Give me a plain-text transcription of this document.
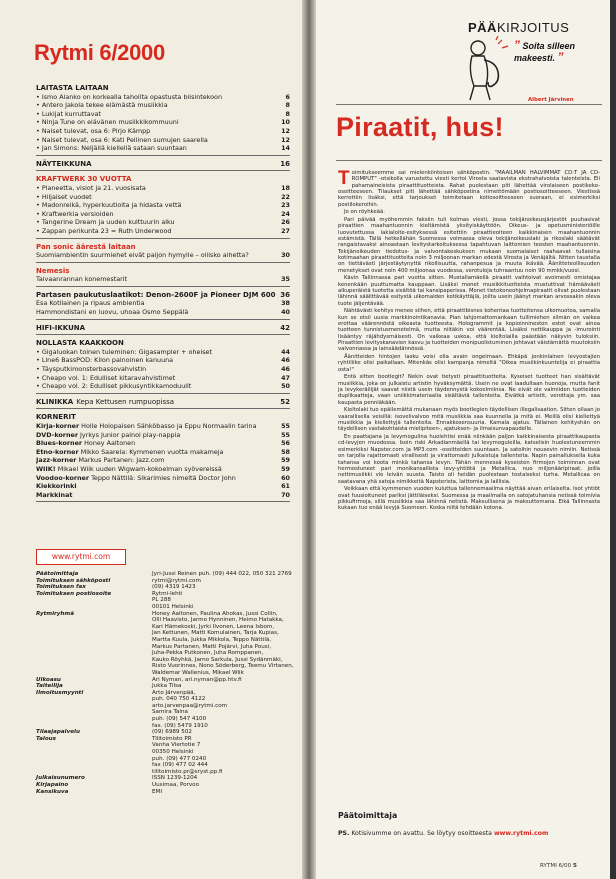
Rytmi 6/2000
LAITASTA LAITAAN
• Ismo Alanko on korkealla tahoilta opastusta biisintekoon	6
• Antero Jakola tekee elämästä musiikkia	8
• Lukijat kurruttavat	8
• Ninja Tune on elävänen musiikkikommuuni	10
• Naiset tulevat, osa 6: Pirjo Kämpp	12
• Naiset tulevat, osa 6: Kati Pellinen sumujen saarella	12
• Jan Simons: Neljällä kiellellä sataan suuntaan	14
NÄYTEIKKUNA	16
KRAFTWERK 30 VUOTTA
• Planeetta, visiot ja 21. vuosisata	18
• Hiljaiset vuodet	22
• Madonreikä, hyperkuutioita ja hidasta vettä	23
• Kraftwerkia versioiden	24
• Tangerine Dream ja uuden kulttuurin alku	26
• Zappan perikunta 23 = Ruth Underwood	27
Pan sonic äärestä laitaan
Suomiambientin suurmiehet eivät paljon hymyile – oliisko aihetta?	30
Nemesis
Taivaanrannan konemestarit	35
Partasen paukutuslaatikot: Denon-2600F ja Pioneer DJM 600 36
Esa Kotilainen ja ripaus ambientia	38
Hammondistani en luovu, uhoaa Osmo Seppälä	40
HIFI-IKKUNA	42
NOLLASTA KAAKKOON
• Gigaluokan toinen tuleminen: Gigasampler + oheiset	44
• Line6 BassPOD: Kilon painoinen kanuuna	46
• Täysputkimonsterbassovahvistin	46
• Cheapo vol. 1: Edulliset kitaravahvistimet	47
• Cheapo vol. 2: Edulliset pikkusyntikkamoduulit	50
KLINIKKA Kepa Kettusen rumpuopissa	52
KORNERIT
Kirja-korner Holle Holopaisen Sähköbasso ja Eppu Normaalin tarina	55
DVD-korner Jyrkys Junior painoi play-nappia	55
Blues-korner Honey Aaltonen	56
Etno-korner Mikko Saarela: Kymmenen vuotta makameja	58
Jazz-korner Markus Partanen: Jazz.com	59
WIIK! Mikael Wiik uuden Wigwam-kokoelman syövereissä	59
Voodoo-korner Teppo Nättilä: Sikarimies nimeltä Doctor John	60
Kiekkorinki	61
Markkinat	70
www.rytmi.com
Päätoimittaja	Jyri-Jussi Reinen puh. (09) 444 022, 050 321 2769
Toimituksen sähköposti	rytmi@rytmi.com
Toimituksen fax	(09) 4319 1423
Toimituksen postiosoite	Rytmi-lehti
PL 288
00101 Helsinki
Rytmiryhmä	Honey Aaltonen, Paulina Ahokas, Jussi Collin,
Olli Haavisto, Jarmo Hynninen, Heimo Hatakka,
Kari Hämekoski, Jyrki Ilvonen, Leena Isbom,
Jan Kettunen, Matti Komulainen, Tarja Kupias,
Martta Kuula, Jukka Mikkola, Teppo Nättilä,
Markus Partanen, Matti Pojärvi, Juha Pousi,
Juha-Pekka Putkonen, Juha Romppanen,
Kauko Röyhkä, Jarno Sarkula, Jussi Sydänmäki,
Risto Vuorinnes, Nono Söderberg, Teemu Virtanen,
Waldemar Wallenius, Mikael Wiik
Ulkoasu	Ari Nyman, ari.nyman@pp.htv.fi
Taiteilija	Jukka Tilsa
Ilmoitusmyynti	Arto Järvenpää,
puh. 040 750 4122
arto.jarvenpaa@rytmi.com
Samira Taina
puh. (09) 547 4100
fax. (09) 5479 1910
Tilaajapalvelu	(09) 6989 502
Talous	Tilitoimisto PR
Vanha Viertotie 7
00350 Helsinki
puh. (09) 477 0240
fax (09) 477 02 444
tilitoimisto.pr@sryst.pp.fi
Julkaisunumero	ISSN 1239-1204
Kirjapaino	Uusimaa, Porvoo
Kansikuva	EMI
PÄÄKIRJOITUS
” Soita silleen makeesti. ”
Albert Järvinen
Piraatit, hus!

Toimitukseemme sai mielenkiintoisen sähköpostin. "MAAILMAN HALVIMMAT CD:T JA CD-ROMPUT" -otsikolla varustettu viesti kertoi Virosta saatavista ekstrahalvoista talenteista. Eli pahamaineisista piraattituotteista. Rahat puolestaan piti lähettää virolaiseen postikeko-osoitteeseen. Tilaukset piti lähettää sähköpostina nimettömään postiosoitteeseen. Viestissä kerrottiin lisäksi, että tarjoukset toimitetaan kotiosoitteeseen suoraan, ei esimerkiksi postilokeroihin.

Jo on röyhkeää.

Pari päivää myöhemmin faksiin tuli kolmas viesti, jossa tekijänoikeusjärjestöt puuhasivat piraattien maahantuonnin kieltämistä yksityiskäyttöön. Oikeus- ja opetusministeriöille luovutettussa lakialoite-esityksessä esitettiin piraattieoiteen kaikkinaisen maahantuonnin estämistä. Tällä hetkellähän Suomessa voimassa oleva tekijänoikeuslaki ja rikoslaki säätävät rangaistavaksi ainoastaan levitystarkoituksessa tapahtuvan laittomien teosten maahantuonnin. Tekijänoikeuden tiedotus- ja valvontakeskuksen mukaan suomalaiset raahaavat tullaisina kotimaahan piraattituotteita noin 3 miljoonan markan edestä Virosta ja Venäjältä. Nitten taustalla on tiettävästi järjestäytynyttä rikollisuutta, rahanpesua ja muuta ikävää. Äänitteteollisuuden menetykset ovat noin 400 miljoonaa vuodessa, verotulojа tuhraantuu noin 90 mmkk/vuosi.

Kävin Tallinnassa pari vuotta sitten. Mustallamäellä piraatit vaihtoivat avoimesti omistajaa kenenkään puuttumatta kauppaan. Lisäksi monet musiikkituotteista mustuttivat hämäävästi alkuperäistä tuotetta sisältöä tai kansipaperissa. Monet tietokoneohjelmapiraatit olivat puolestaan lähinnä säälittävää esitystä ulkomaiden kotikäyttäjiä, joilta usein jäänyt markan arvossakin oleva tuote jäljentävää.

Nähtävästi kehitys menee siihen, että piraattibisnes kohentaa tuotteitensa ulkomuotoa, samalla kun se etsii uusia markkinointikanavia. Pian lahjomattomankaan tullimiehen silmän on vaikea erottaa väärennöstä oikeasta tuotteesta. Hologrammit ja kopioinnineston estot ovat ainoa tuotteen tunnistusmenetelmä, mutta niitäkin voi väärentää. Lisäksi nettikauppa ja -imurointi lisääntyy räjähdysmäisesti. On vaikeaa uskoa, että kieltolailla paästään näkyvin tuloksiin. Piraattien levityskanavien kasvu ja tuotteiden monipuolistuminen johtavat väistämättä muutoksiin valvonnassa ja lainsäädännössä.

Äänitteiden hintojen lasku voisi olla avain ongelmaan. Ehkäpä jonkinlainen levyostajien ryhtiliike olisi paikallaan. Mitenkäs olisi kampanja nimeltä "Oikea musiikinkuuntelija ei piraattia osta!"

Entä sitten bootlegit? Nekin ovat tietysti piraattituotteita. Kyseiset tuotteet han sisältävät musiikkia, joka on julkaistu artistin hyväksymättä. Usein ne ovat laadultaan huonoja, mutta fanit ja levykeräilijät saavat niistä usein täydennystä kokoelmiinsa. Ne eivät ole valmiiden tuotteiden duplikaatteja, vaan uniikkimateriaalia sisältäviä tallenteita. Eivätkä artistit, verottaja ym. saa kaupasta penniäkään.

Kieltolaki tuo epäilemättä mukanaan myös bootlegien täydellisen illegalisaation. Sitten ollaan jo vaarallisella veisillä: isovelivalvoo mitä musiikkia saa kuunnella ja mitä ei. Meillä olisi kiellettyä musiikkia ja kiellettyjä tallenteita. Ennakkosensuuria. Kamala ajatus. Tällainen kehityshän on täydellisen vastakohtaista mielipiteen-, ajatuksen- ja ilmaisunvapaudelle.

En paattajana ja levymogulina huolehtisi enää niinkään paljon kaikkinaisesta piraattikaupasta cd-levyjen muodossa. Isoin riski Arkadianmäellä tai levymoguleilla, katselisin huolestuneemmin esimerkiksi Napster.com ja MP3.com -osoitteiden suuntaan. Ja satoihin nousevin nimiin. Netissä on tarjolla rajattomasti virallisesti ja virattomasti julkaistuja tallenteita. Napin painalluksella kuka tahansa voi koota minkä tahansa levyn. Tähän mennessä kyseisten firmojen toiminnan ovat hermostuneet pari monikansallista levy-yhtiötä ja Metallica, nuo miljonääripiraat, joilla nettimusiikki vie leivän suusta. Taisto oli heidän puolestaan tostaiseksi turha. Metallicaa on saatavana yhä satoja nimikkeitä Napsterista, laittomia ja laillisia.

Veikkaan että kymmenen vuoden kuluttua tallennemaailma näyttää aivan erilaiselta. Isot yhtiöt ovat fuusioituneet pariksi jättiläiseksi. Suomessa ja maailmalla on satojatuhansia netissä toimivia pikkufirmoja, sillä musiikkia saa lähinnä netistä. Maksullisena ja maksuttomana. Eikä Tallinnasta kukaan tuo enää levyjä Suomeen. Koska niitä tehdään kotona.

Päätoimittaja
PS. Kotisivumme on avattu. Se löytyy osoitteesta www.rytmi.com
RYTMI 6/00 5
